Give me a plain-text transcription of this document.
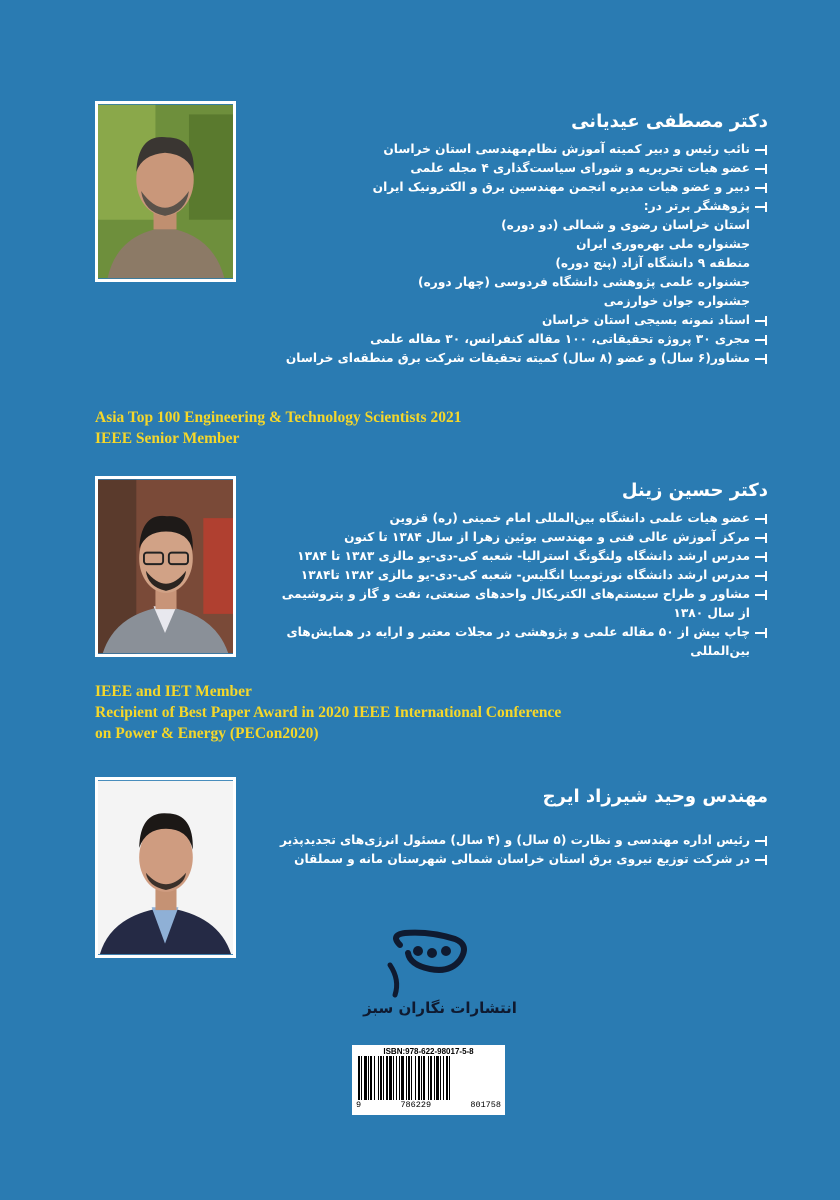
دکتر مصطفی عیدیانی
نائب رئیس و دبیر کمیته آموزش نظام‌مهندسی استان خراسان
عضو هیات تحریریه و شورای سیاست‌گذاری ۴ مجله علمی
دبیر و عضو هیات مدیره انجمن مهندسین برق و الکترونیک ایران
پژوهشگر برتر در:
استان خراسان رضوی و شمالی (دو دوره)
جشنواره ملی بهره‌وری ایران
منطقه ۹ دانشگاه آزاد (پنج دوره)
جشنواره علمی پژوهشی دانشگاه فردوسی (چهار دوره)
جشنواره جوان خوارزمی
استاد نمونه بسیجی استان خراسان
مجری ۳۰ پروژه تحقیقاتی، ۱۰۰ مقاله کنفرانس، ۳۰ مقاله علمی
مشاور(۶ سال) و عضو (۸ سال) کمیته تحقیقات شرکت برق منطقه‌ای خراسان
Asia Top 100 Engineering & Technology Scientists 2021
IEEE Senior Member
دکتر حسین زینل
عضو هیات علمی دانشگاه بین‌المللی امام خمینی (ره) قزوین
مرکز آموزش عالی فنی و مهندسی بوئین زهرا از سال ۱۳۸۴ تا کنون
مدرس ارشد دانشگاه ولنگونگ استرالیا- شعبه کی-دی-یو مالزی ۱۳۸۳ تا ۱۳۸۴
مدرس ارشد دانشگاه نورثومبیا انگلیس- شعبه کی-دی-یو مالزی ۱۳۸۲ تا۱۳۸۴
مشاور و طراح سیستم‌های الکتریکال واحدهای صنعتی، نفت و گاز و پتروشیمی
از سال ۱۳۸۰
چاپ بیش از ۵۰ مقاله علمی و پژوهشی در مجلات معتبر و ارایه در همایش‌های
بین‌المللی
IEEE and IET Member
Recipient of Best Paper Award in 2020 IEEE International Conference
on Power & Energy (PECon2020)
مهندس وحید شیرزاد ایرج
رئیس اداره مهندسی و نظارت (۵ سال) و (۴ سال) مسئول انرژی‌های تجدیدپذیر
در شرکت توزیع نیروی برق استان خراسان شمالی شهرستان مانه و سملقان
انتشارات نگاران سبز
ISBN:978-622-98017-5-8
9	786229	801758
